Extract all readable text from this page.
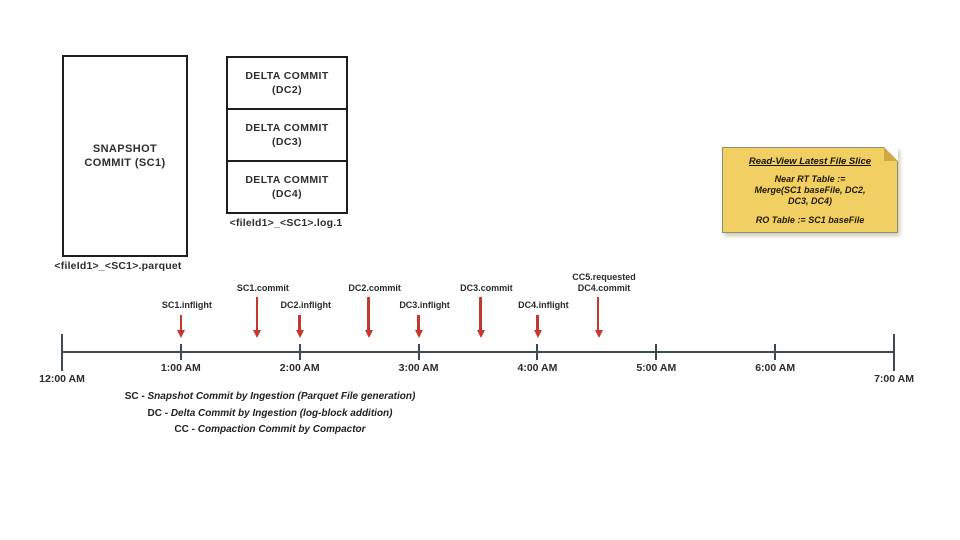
SNAPSHOT
COMMIT (SC1)
<fileId1>_<SC1>.parquet
DELTA COMMIT
(DC2)
DELTA COMMIT
(DC3)
DELTA COMMIT
(DC4)
<fileId1>_<SC1>.log.1
Read-View Latest File Slice
Near RT Table :=
Merge(SC1 baseFile, DC2,
DC3, DC4)
RO Table := SC1 baseFile
12:00 AM
1:00 AM	2:00 AM	3:00 AM	4:00 AM	5:00 AM	6:00 AM
7:00 AM
SC1.inflight
SC1.commit
DC2.inflight
DC2.commit
DC3.inflight
DC3.commit
DC4.inflight
CC5.requested
DC4.commit
SC - Snapshot Commit by Ingestion (Parquet File generation)
DC - Delta Commit by Ingestion (log-block addition)
CC - Compaction Commit by Compactor
